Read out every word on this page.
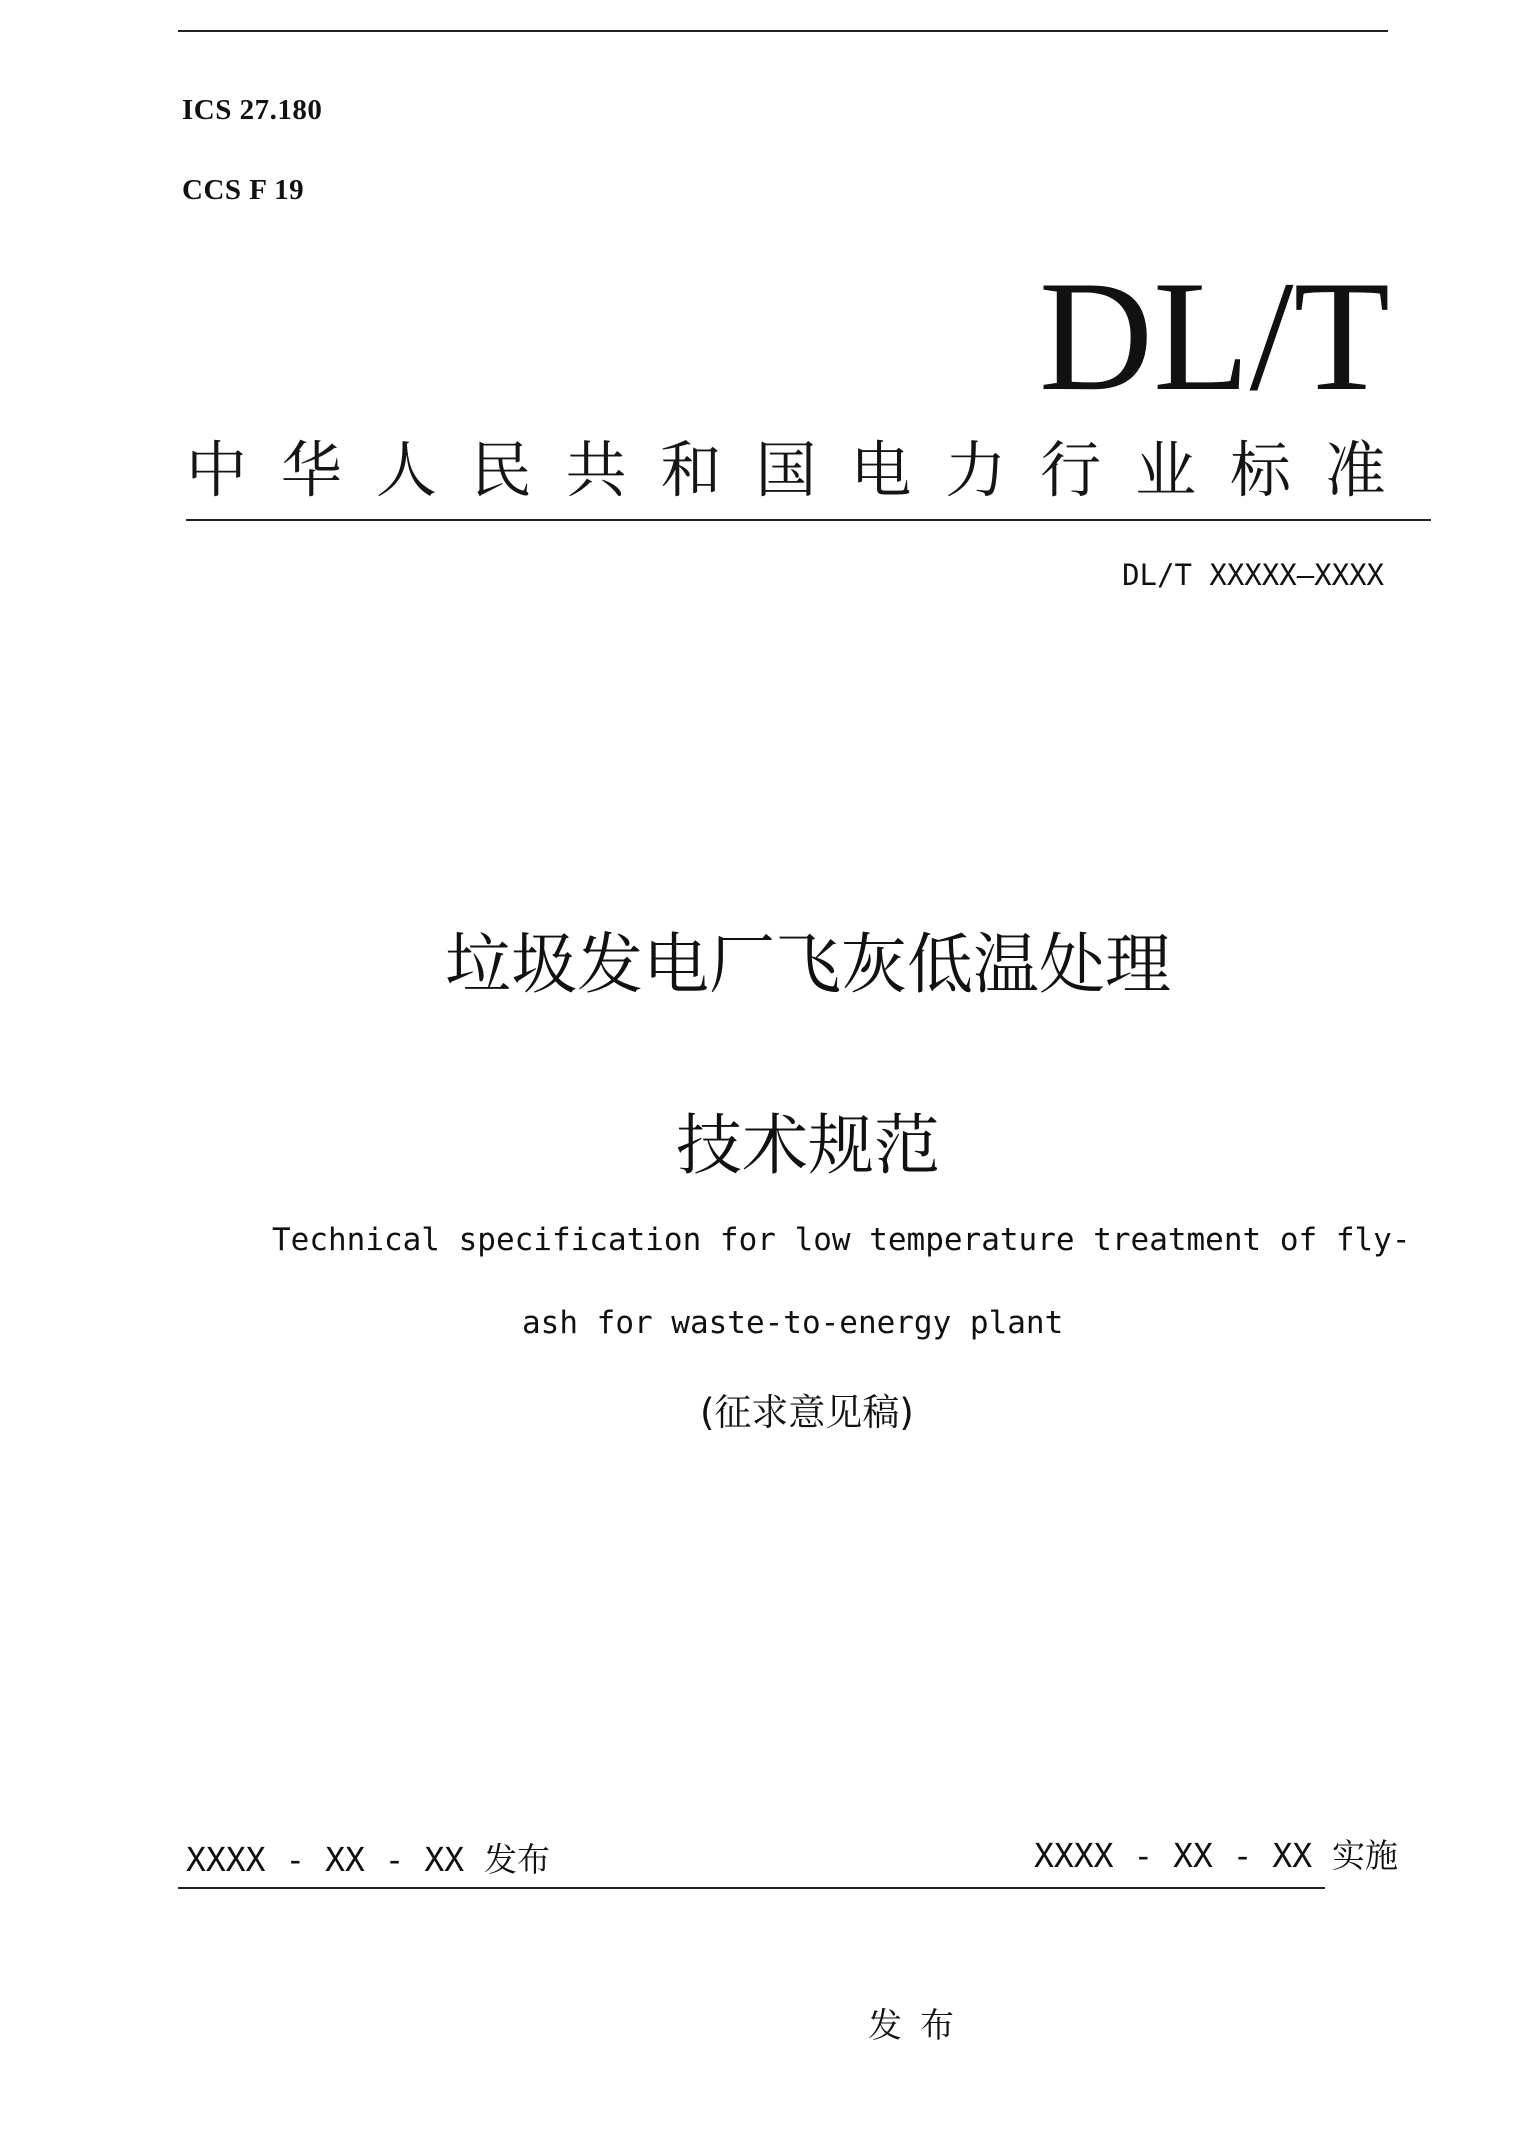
ICS 27.180
CCS F 19
DL/T
中 华 人 民 共 和 国 电 力 行 业 标 准
DL/T XXXXX—XXXX
垃圾发电厂飞灰低温处理
技术规范
Technical specification for low temperature treatment of fly-
ash for waste-to-energy plant
(征求意见稿)
XXXX - XX - XX 发布	XXXX - XX - XX 实施
发布
